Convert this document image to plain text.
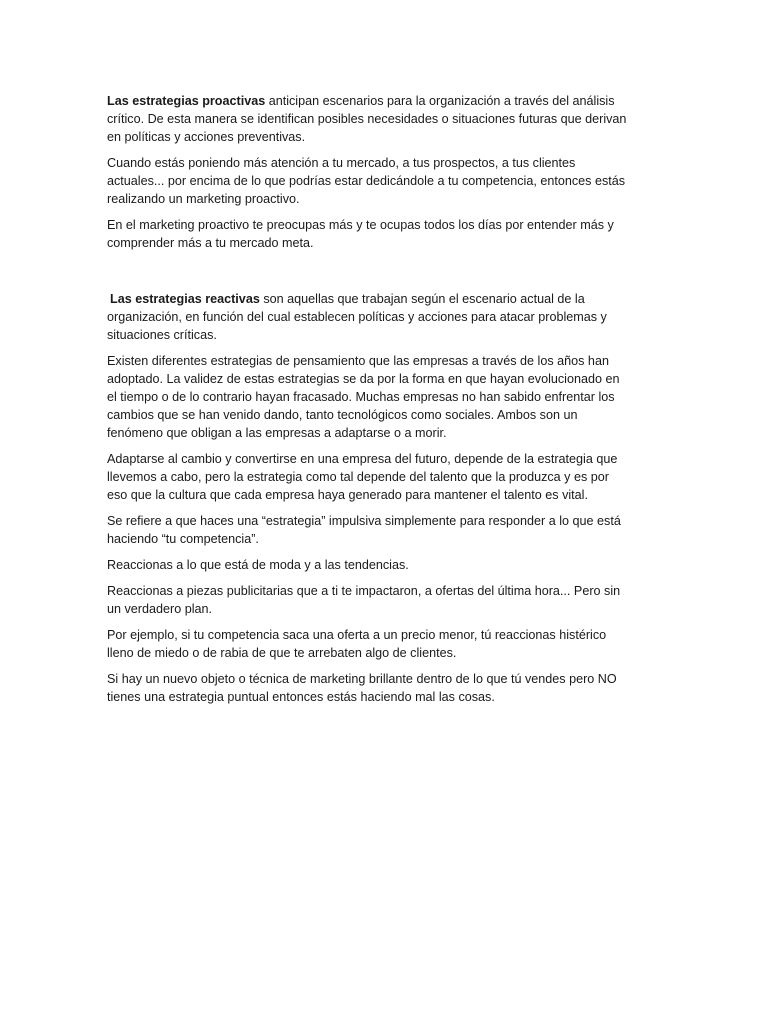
Las estrategias proactivas anticipan escenarios para la organización a través del análisis crítico. De esta manera se identifican posibles necesidades o situaciones futuras que derivan en políticas y acciones preventivas.

Cuando estás poniendo más atención a tu mercado, a tus prospectos, a tus clientes actuales... por encima de lo que podrías estar dedicándole a tu competencia, entonces estás realizando un marketing proactivo.

En el marketing proactivo te preocupas más y te ocupas todos los días por entender más y comprender más a tu mercado meta.

Las estrategias reactivas son aquellas que trabajan según el escenario actual de la organización, en función del cual establecen políticas y acciones para atacar problemas y situaciones críticas.

Existen diferentes estrategias de pensamiento que las empresas a través de los años han adoptado. La validez de estas estrategias se da por la forma en que hayan evolucionado en el tiempo o de lo contrario hayan fracasado. Muchas empresas no han sabido enfrentar los cambios que se han venido dando, tanto tecnológicos como sociales. Ambos son un fenómeno que obligan a las empresas a adaptarse o a morir.

Adaptarse al cambio y convertirse en una empresa del futuro, depende de la estrategia que llevemos a cabo, pero la estrategia como tal depende del talento que la produzca y es por eso que la cultura que cada empresa haya generado para mantener el talento es vital.

Se refiere a que haces una “estrategia” impulsiva simplemente para responder a lo que está haciendo “tu competencia”.

Reaccionas a lo que está de moda y a las tendencias.

Reaccionas a piezas publicitarias que a ti te impactaron, a ofertas del última hora... Pero sin un verdadero plan.

Por ejemplo, si tu competencia saca una oferta a un precio menor, tú reaccionas histérico lleno de miedo o de rabia de que te arrebaten algo de clientes.

Si hay un nuevo objeto o técnica de marketing brillante dentro de lo que tú vendes pero NO tienes una estrategia puntual entonces estás haciendo mal las cosas.
